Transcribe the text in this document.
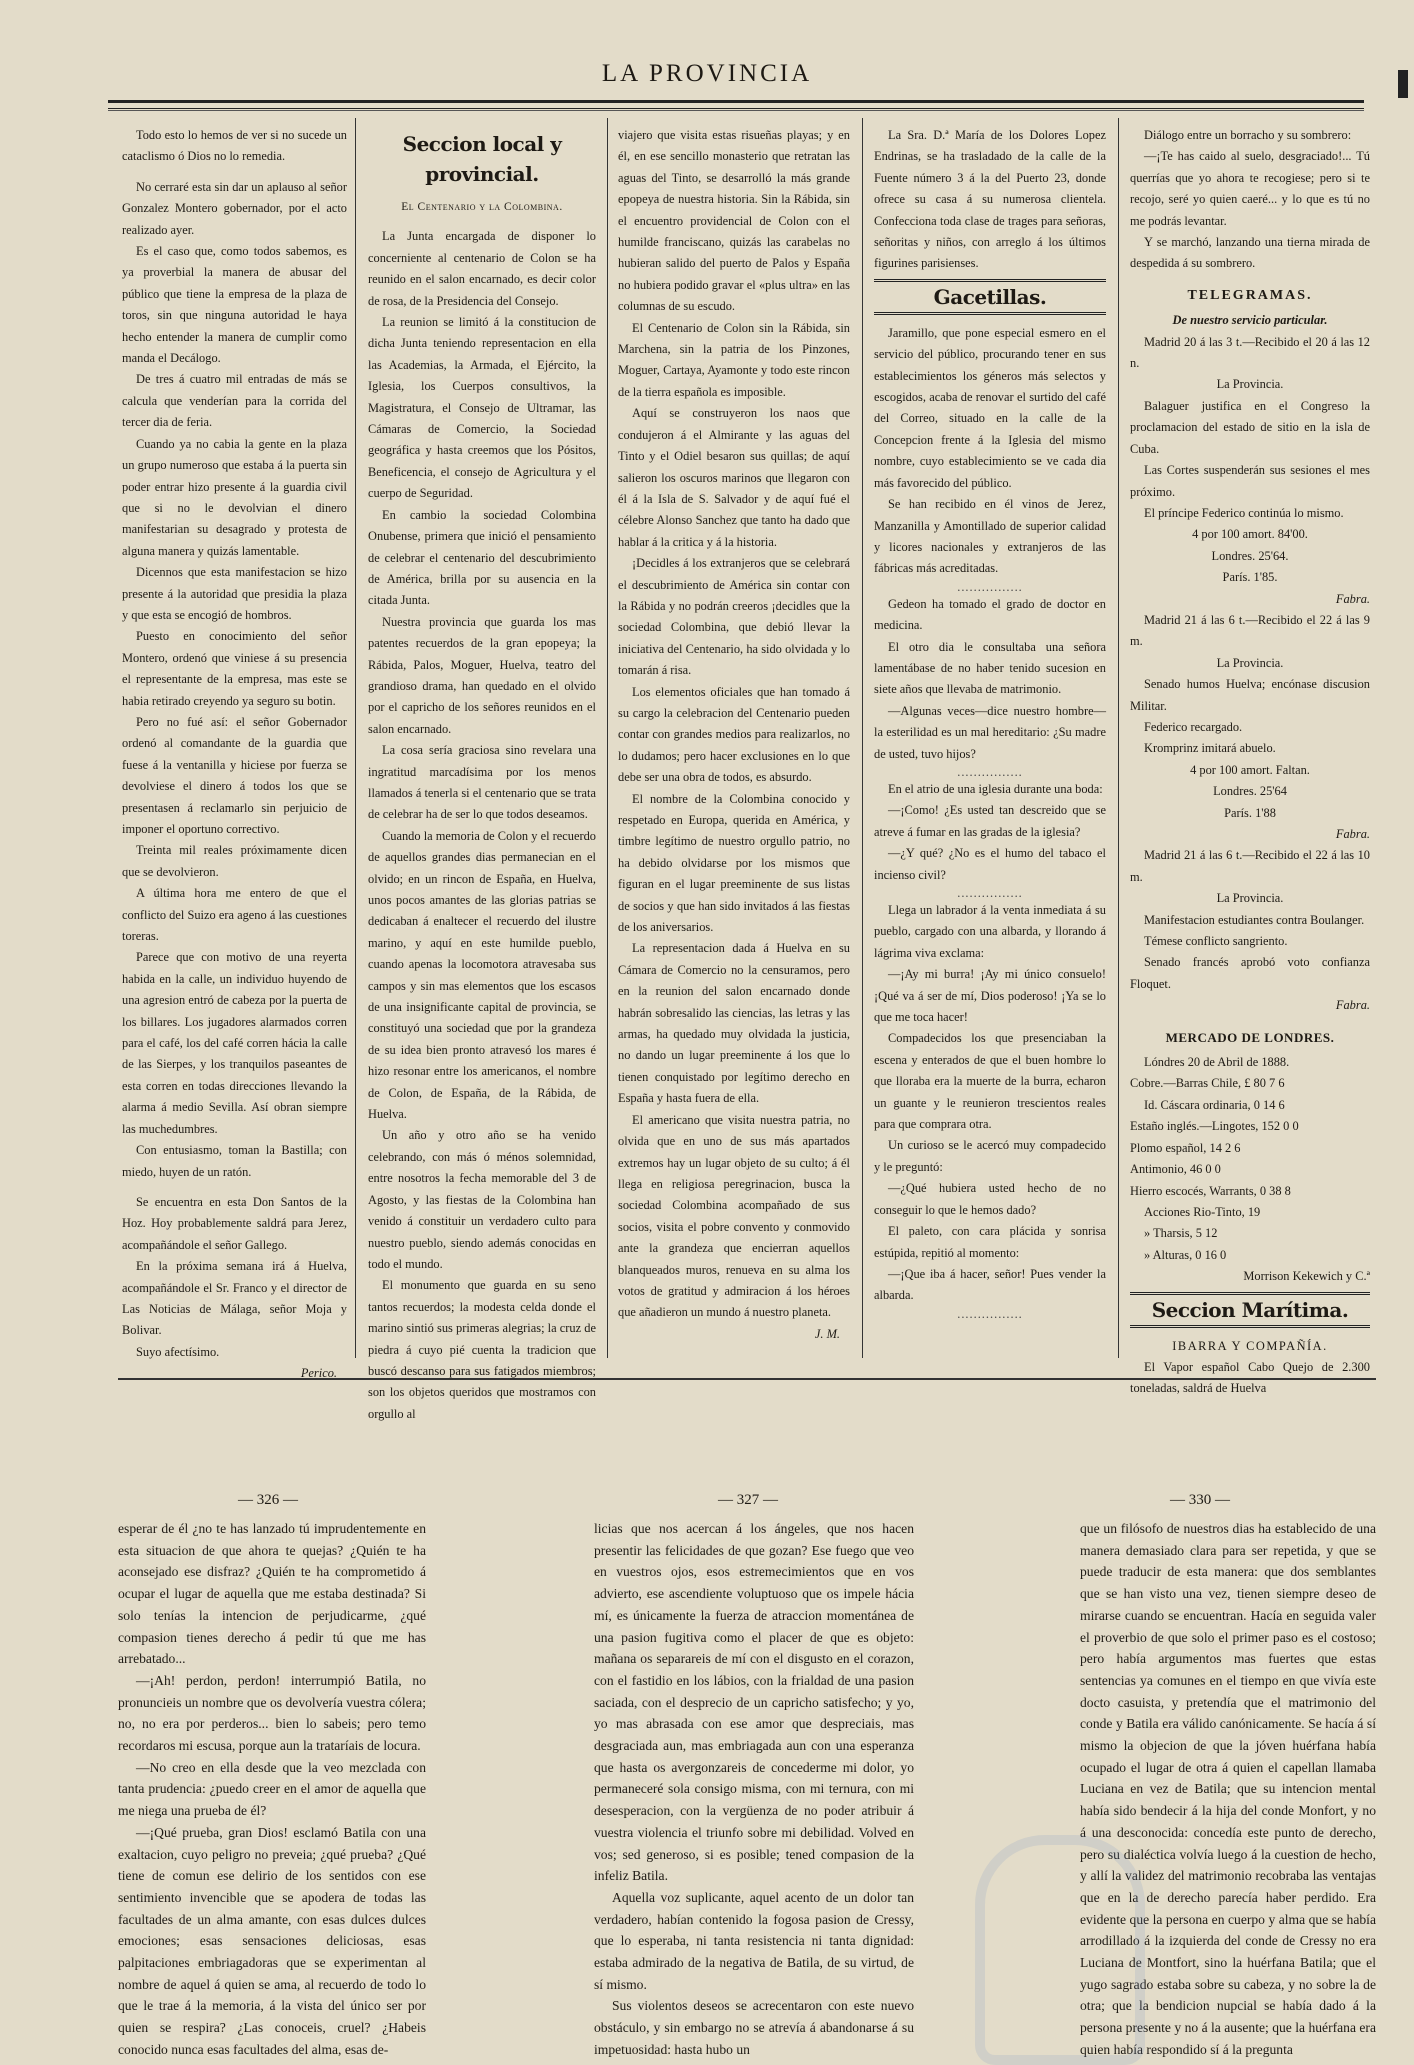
LA PROVINCIA

Todo esto lo hemos de ver si no sucede un cataclismo ó Dios no lo remedia.

No cerraré esta sin dar un aplauso al señor Gonzalez Montero gobernador, por el acto realizado ayer.

Es el caso que, como todos sabemos, es ya proverbial la manera de abusar del público que tiene la empresa de la plaza de toros, sin que ninguna autoridad le haya hecho entender la manera de cumplir como manda el Decálogo.

De tres á cuatro mil entradas de más se calcula que venderían para la corrida del tercer dia de feria.

Cuando ya no cabia la gente en la plaza un grupo numeroso que estaba á la puerta sin poder entrar hizo presente á la guardia civil que si no le devolvian el dinero manifestarian su desagrado y protesta de alguna manera y quizás lamentable.

Dicennos que esta manifestacion se hizo presente á la autoridad que presidia la plaza y que esta se encogió de hombros.

Puesto en conocimiento del señor Montero, ordenó que viniese á su presencia el representante de la empresa, mas este se habia retirado creyendo ya seguro su botin.

Pero no fué así: el señor Gobernador ordenó al comandante de la guardia que fuese á la ventanilla y hiciese por fuerza se devolviese el dinero á todos los que se presentasen á reclamarlo sin perjuicio de imponer el oportuno correctivo.

Treinta mil reales próximamente dicen que se devolvieron.

A última hora me entero de que el conflicto del Suizo era ageno á las cuestiones toreras.

Parece que con motivo de una reyerta habida en la calle, un individuo huyendo de una agresion entró de cabeza por la puerta de los billares. Los jugadores alarmados corren para el café, los del café corren hácia la calle de las Sierpes, y los tranquilos paseantes de esta corren en todas direcciones llevando la alarma á medio Sevilla. Así obran siempre las muchedumbres.

Con entusiasmo, toman la Bastilla; con miedo, huyen de un ratón.

Se encuentra en esta Don Santos de la Hoz. Hoy probablemente saldrá para Jerez, acompañándole el señor Gallego.

En la próxima semana irá á Huelva, acompañándole el Sr. Franco y el director de Las Noticias de Málaga, señor Moja y Bolivar.

Suyo afectísimo.

Perico.
Seccion local y provincial.
El Centenario y la Colombina.

La Junta encargada de disponer lo concerniente al centenario de Colon se ha reunido en el salon encarnado, es decir color de rosa, de la Presidencia del Consejo.

La reunion se limitó á la constitucion de dicha Junta teniendo representacion en ella las Academias, la Armada, el Ejército, la Iglesia, los Cuerpos consultivos, la Magistratura, el Consejo de Ultramar, las Cámaras de Comercio, la Sociedad geográfica y hasta creemos que los Pósitos, Beneficencia, el consejo de Agricultura y el cuerpo de Seguridad.

En cambio la sociedad Colombina Onubense, primera que inició el pensamiento de celebrar el centenario del descubrimiento de América, brilla por su ausencia en la citada Junta.

Nuestra provincia que guarda los mas patentes recuerdos de la gran epopeya; la Rábida, Palos, Moguer, Huelva, teatro del grandioso drama, han quedado en el olvido por el capricho de los señores reunidos en el salon encarnado.

La cosa sería graciosa sino revelara una ingratitud marcadísima por los menos llamados á tenerla si el centenario que se trata de celebrar ha de ser lo que todos deseamos.

Cuando la memoria de Colon y el recuerdo de aquellos grandes dias permanecian en el olvido; en un rincon de España, en Huelva, unos pocos amantes de las glorias patrias se dedicaban á enaltecer el recuerdo del ilustre marino, y aquí en este humilde pueblo, cuando apenas la locomotora atravesaba sus campos y sin mas elementos que los escasos de una insignificante capital de provincia, se constituyó una sociedad que por la grandeza de su idea bien pronto atravesó los mares é hizo resonar entre los americanos, el nombre de Colon, de España, de la Rábida, de Huelva.

Un año y otro año se ha venido celebrando, con más ó ménos solemnidad, entre nosotros la fecha memorable del 3 de Agosto, y las fiestas de la Colombina han venido á constituir un verdadero culto para nuestro pueblo, siendo además conocidas en todo el mundo.

El monumento que guarda en su seno tantos recuerdos; la modesta celda donde el marino sintió sus primeras alegrias; la cruz de piedra á cuyo pié cuenta la tradicion que buscó descanso para sus fatigados miembros; son los objetos queridos que mostramos con orgullo al

viajero que visita estas risueñas playas; y en él, en ese sencillo monasterio que retratan las aguas del Tinto, se desarrolló la más grande epopeya de nuestra historia. Sin la Rábida, sin el encuentro providencial de Colon con el humilde franciscano, quizás las carabelas no hubieran salido del puerto de Palos y España no hubiera podido gravar el «plus ultra» en las columnas de su escudo.

El Centenario de Colon sin la Rábida, sin Marchena, sin la patria de los Pinzones, Moguer, Cartaya, Ayamonte y todo este rincon de la tierra española es imposible.

Aquí se construyeron los naos que condujeron á el Almirante y las aguas del Tinto y el Odiel besaron sus quillas; de aquí salieron los oscuros marinos que llegaron con él á la Isla de S. Salvador y de aquí fué el célebre Alonso Sanchez que tanto ha dado que hablar á la critica y á la historia.

¡Decidles á los extranjeros que se celebrará el descubrimiento de América sin contar con la Rábida y no podrán creeros ¡decidles que la sociedad Colombina, que debió llevar la iniciativa del Centenario, ha sido olvidada y lo tomarán á risa.

Los elementos oficiales que han tomado á su cargo la celebracion del Centenario pueden contar con grandes medios para realizarlos, no lo dudamos; pero hacer exclusiones en lo que debe ser una obra de todos, es absurdo.

El nombre de la Colombina conocido y respetado en Europa, querida en América, y timbre legítimo de nuestro orgullo patrio, no ha debido olvidarse por los mismos que figuran en el lugar preeminente de sus listas de socios y que han sido invitados á las fiestas de los aniversarios.

La representacion dada á Huelva en su Cámara de Comercio no la censuramos, pero en la reunion del salon encarnado donde habrán sobresalido las ciencias, las letras y las armas, ha quedado muy olvidada la justicia, no dando un lugar preeminente á los que lo tienen conquistado por legítimo derecho en España y hasta fuera de ella.

El americano que visita nuestra patria, no olvida que en uno de sus más apartados extremos hay un lugar objeto de su culto; á él llega en religiosa peregrinacion, busca la sociedad Colombina acompañado de sus socios, visita el pobre convento y conmovido ante la grandeza que encierran aquellos blanqueados muros, renueva en su alma los votos de gratitud y admiracion á los héroes que añadieron un mundo á nuestro planeta.

J. M.

La Sra. D.ª María de los Dolores Lopez Endrinas, se ha trasladado de la calle de la Fuente número 3 á la del Puerto 23, donde ofrece su casa á su numerosa clientela. Confecciona toda clase de trages para señoras, señoritas y niños, con arreglo á los últimos figurines parisienses.

Gacetillas.

Jaramillo, que pone especial esmero en el servicio del público, procurando tener en sus establecimientos los géneros más selectos y escogidos, acaba de renovar el surtido del café del Correo, situado en la calle de la Concepcion frente á la Iglesia del mismo nombre, cuyo establecimiento se ve cada dia más favorecido del público.

Se han recibido en él vinos de Jerez, Manzanilla y Amontillado de superior calidad y licores nacionales y extranjeros de las fábricas más acreditadas.

................

Gedeon ha tomado el grado de doctor en medicina.

El otro dia le consultaba una señora lamentábase de no haber tenido sucesion en siete años que llevaba de matrimonio.

—Algunas veces—dice nuestro hombre—la esterilidad es un mal hereditario: ¿Su madre de usted, tuvo hijos?

................

En el atrio de una iglesia durante una boda:

—¡Como! ¿Es usted tan descreido que se atreve á fumar en las gradas de la iglesia?

—¿Y qué? ¿No es el humo del tabaco el incienso civil?

................

Llega un labrador á la venta inmediata á su pueblo, cargado con una albarda, y llorando á lágrima viva exclama:

—¡Ay mi burra! ¡Ay mi único consuelo! ¡Qué va á ser de mí, Dios poderoso! ¡Ya se lo que me toca hacer!

Compadecidos los que presenciaban la escena y enterados de que el buen hombre lo que lloraba era la muerte de la burra, echaron un guante y le reunieron trescientos reales para que comprara otra.

Un curioso se le acercó muy compadecido y le preguntó:

—¿Qué hubiera usted hecho de no conseguir lo que le hemos dado?

El paleto, con cara plácida y sonrisa estúpida, repitió al momento:

—¡Que iba á hacer, señor! Pues vender la albarda.

................

Diálogo entre un borracho y su sombrero:

—¡Te has caido al suelo, desgraciado!... Tú querrías que yo ahora te recogiese; pero si te recojo, seré yo quien caeré... y lo que es tú no me podrás levantar.

Y se marchó, lanzando una tierna mirada de despedida á su sombrero.

TELEGRAMAS.
De nuestro servicio particular.

Madrid 20 á las 3 t.—Recibido el 20 á las 12 n.

La Provincia.

Balaguer justifica en el Congreso la proclamacion del estado de sitio en la isla de Cuba.

Las Cortes suspenderán sus sesiones el mes próximo.

El príncipe Federico continúa lo mismo.

4 por 100 amort. 84'00.
Londres. 25'64.
París. 1'85.
Fabra.

Madrid 21 á las 6 t.—Recibido el 22 á las 9 m.

La Provincia.

Senado humos Huelva; encónase discusion Militar.

Federico recargado.

Kromprinz imitará abuelo.

4 por 100 amort. Faltan.
Londres. 25'64
París. 1'88
Fabra.

Madrid 21 á las 6 t.—Recibido el 22 á las 10 m.

La Provincia.

Manifestacion estudiantes contra Boulanger.

Témese conflicto sangriento.

Senado francés aprobó voto confianza Floquet.

Fabra.
MERCADO DE LONDRES.

Lóndres 20 de Abril de 1888.

Cobre.—Barras Chile, £ 80 7 6

Id. Cáscara ordinaria, 0 14 6

Estaño inglés.—Lingotes, 152 0 0

Plomo español, 14 2 6

Antimonio, 46 0 0

Hierro escocés, Warrants, 0 38 8

Acciones Rio-Tinto, 19

» Tharsis, 5 12

» Alturas, 0 16 0

Morrison Kekewich y C.ª
Seccion Marítima.
IBARRA Y COMPAÑÍA.

El Vapor español Cabo Quejo de 2.300 toneladas, saldrá de Huelva

— 326 —	— 327 —	— 330 —

esperar de él ¿no te has lanzado tú imprudentemente en esta situacion de que ahora te quejas? ¿Quién te ha aconsejado ese disfraz? ¿Quién te ha comprometido á ocupar el lugar de aquella que me estaba destinada? Si solo tenías la intencion de perjudicarme, ¿qué compasion tienes derecho á pedir tú que me has arrebatado...

—¡Ah! perdon, perdon! interrumpió Batila, no pronuncieis un nombre que os devolvería vuestra cólera; no, no era por perderos... bien lo sabeis; pero temo recordaros mi escusa, porque aun la trataríais de locura.

—No creo en ella desde que la veo mezclada con tanta prudencia: ¿puedo creer en el amor de aquella que me niega una prueba de él?

—¡Qué prueba, gran Dios! esclamó Batila con una exaltacion, cuyo peligro no preveia; ¿qué prueba? ¿Qué tiene de comun ese delirio de los sentidos con ese sentimiento invencible que se apodera de todas las facultades de un alma amante, con esas dulces dulces emociones; esas sensaciones deliciosas, esas palpitaciones embriagadoras que se experimentan al nombre de aquel á quien se ama, al recuerdo de todo lo que le trae á la memoria, á la vista del único ser por quien se respira? ¿Las conoceis, cruel? ¿Habeis conocido nunca esas facultades del alma, esas de-

licias que nos acercan á los ángeles, que nos hacen presentir las felicidades de que gozan? Ese fuego que veo en vuestros ojos, esos estremecimientos que en vos advierto, ese ascendiente voluptuoso que os impele hácia mí, es únicamente la fuerza de atraccion momentánea de una pasion fugitiva como el placer de que es objeto: mañana os separareis de mí con el disgusto en el corazon, con el fastidio en los lábios, con la frialdad de una pasion saciada, con el desprecio de un capricho satisfecho; y yo, yo mas abrasada con ese amor que despreciais, mas desgraciada aun, mas embriagada aun con una esperanza que hasta os avergonzareis de concederme mi dolor, yo permaneceré sola consigo misma, con mi ternura, con mi desesperacion, con la vergüenza de no poder atribuir á vuestra violencia el triunfo sobre mi debilidad. Volved en vos; sed generoso, si es posible; tened compasion de la infeliz Batila.

Aquella voz suplicante, aquel acento de un dolor tan verdadero, habían contenido la fogosa pasion de Cressy, que lo esperaba, ni tanta resistencia ni tanta dignidad: estaba admirado de la negativa de Batila, de su virtud, de sí mismo.

Sus violentos deseos se acrecentaron con este nuevo obstáculo, y sin embargo no se atrevía á abandonarse á su impetuosidad: hasta hubo un

que un filósofo de nuestros dias ha establecido de una manera demasiado clara para ser repetida, y que se puede traducir de esta manera: que dos semblantes que se han visto una vez, tienen siempre deseo de mirarse cuando se encuentran. Hacía en seguida valer el proverbio de que solo el primer paso es el costoso; pero había argumentos mas fuertes que estas sentencias ya comunes en el tiempo en que vivía este docto casuista, y pretendía que el matrimonio del conde y Batila era válido canónicamente. Se hacía á sí mismo la objecion de que la jóven huérfana había ocupado el lugar de otra á quien el capellan llamaba Luciana en vez de Batila; que su intencion mental había sido bendecir á la hija del conde Monfort, y no á una desconocida: concedía este punto de derecho, pero su dialéctica volvía luego á la cuestion de hecho, y allí la validez del matrimonio recobraba las ventajas que en la de derecho parecía haber perdido. Era evidente que la persona en cuerpo y alma que se había arrodillado á la izquierda del conde de Cressy no era Luciana de Montfort, sino la huérfana Batila; que el yugo sagrado estaba sobre su cabeza, y no sobre la de otra; que la bendicion nupcial se había dado á la persona presente y no á la ausente; que la huérfana era quien había respondido sí á la pregunta
